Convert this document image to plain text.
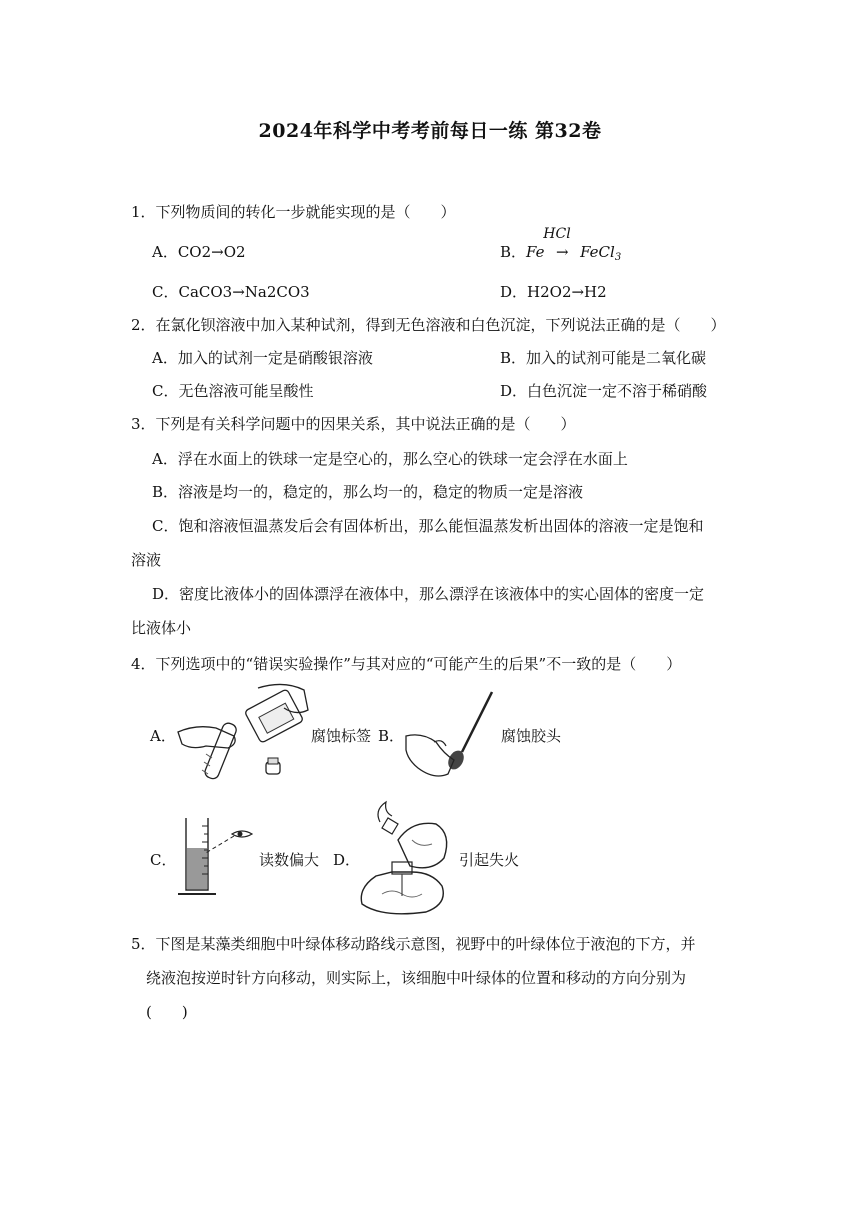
2024年科学中考考前每日一练 第32卷
1．下列物质间的转化一步就能实现的是（　　）
A．CO2→O2	B．Fe
HCl
→ FeCl$_3$
C．CaCO3→Na2CO3	D．H2O2→H2
2．在氯化钡溶液中加入某种试剂，得到无色溶液和白色沉淀，下列说法正确的是（　　）
A．加入的试剂一定是硝酸银溶液	B．加入的试剂可能是二氧化碳
C．无色溶液可能呈酸性	D．白色沉淀一定不溶于稀硝酸
3．下列是有关科学问题中的因果关系，其中说法正确的是（　　）
A．浮在水面上的铁球一定是空心的，那么空心的铁球一定会浮在水面上
B．溶液是均一的，稳定的，那么均一的，稳定的物质一定是溶液
C．饱和溶液恒温蒸发后会有固体析出，那么能恒温蒸发析出固体的溶液一定是饱和
溶液
D．密度比液体小的固体漂浮在液体中，那么漂浮在该液体中的实心固体的密度一定
比液体小
4．下列选项中的“错误实验操作”与其对应的“可能产生的后果”不一致的是（　　）
A．	腐蚀标签 B．	腐蚀胶头
C．	读数偏大 D．	引起失火
5．下图是某藻类细胞中叶绿体移动路线示意图，视野中的叶绿体位于液泡的下方，并
绕液泡按逆时针方向移动，则实际上，该细胞中叶绿体的位置和移动的方向分别为
(　　)
